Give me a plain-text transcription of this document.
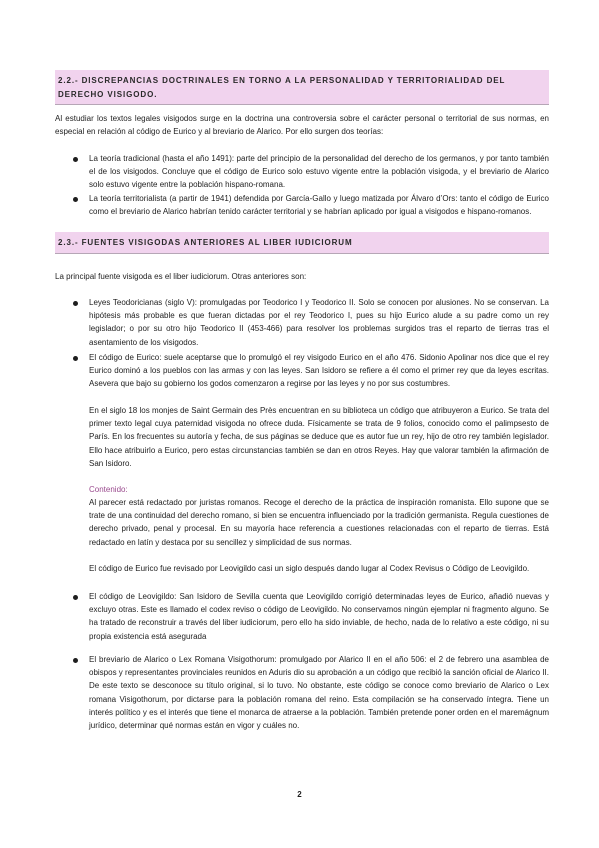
2.2.- DISCREPANCIAS DOCTRINALES EN TORNO A LA PERSONALIDAD Y TERRITORIALIDAD DEL DERECHO VISIGODO.

Al estudiar los textos legales visigodos surge en la doctrina una controversia sobre el carácter personal o territorial de sus normas, en especial en relación al código de Eurico y al breviario de Alarico. Por ello surgen dos teorías:

La teoría tradicional (hasta el año 1491): parte del principio de la personalidad del derecho de los germanos, y por tanto también el de los visigodos. Concluye que el código de Eurico solo estuvo vigente entre la población visigoda, y el breviario de Alarico solo estuvo vigente entre la población hispano-romana.

La teoría territorialista (a partir de 1941) defendida por García-Gallo y luego matizada por Álvaro d’Ors: tanto el código de Eurico como el breviario de Alarico habrían tenido carácter territorial y se habrían aplicado por igual a visigodos e hispano-romanos.

2.3.- FUENTES VISIGODAS ANTERIORES AL LIBER IUDICIORUM

La principal fuente visigoda es el liber iudiciorum. Otras anteriores son:

Leyes Teodoricianas (siglo V): promulgadas por Teodorico I y Teodorico II. Solo se conocen por alusiones. No se conservan. La hipótesis más probable es que fueran dictadas por el rey Teodorico I, pues su hijo Eurico alude a su padre como un rey legislador; o por su otro hijo Teodorico II (453-466) para resolver los problemas surgidos tras el reparto de tierras tras el asentamiento de los visigodos.

El código de Eurico: suele aceptarse que lo promulgó el rey visigodo Eurico en el año 476. Sidonio Apolinar nos dice que el rey Eurico dominó a los pueblos con las armas y con las leyes. San Isidoro se refiere a él como el primer rey que da leyes escritas. Asevera que bajo su gobierno los godos comenzaron a regirse por las leyes y no por sus costumbres.

En el siglo 18 los monjes de Saint Germain des Près encuentran en su biblioteca un código que atribuyeron a Eurico. Se trata del primer texto legal cuya paternidad visigoda no ofrece duda. Físicamente se trata de 9 folios, conocido como el palimpsesto de París. En los frecuentes su autoría y fecha, de sus páginas se deduce que es autor fue un rey, hijo de otro rey también legislador. Ello hace atribuirlo a Eurico, pero estas circunstancias también se dan en otros Reyes. Hay que valorar también la afirmación de San Isidoro.

Contenido:

Al parecer está redactado por juristas romanos. Recoge el derecho de la práctica de inspiración romanista. Ello supone que se trate de una continuidad del derecho romano, si bien se encuentra influenciado por la tradición germanista. Regula cuestiones de derecho privado, penal y procesal. En su mayoría hace referencia a cuestiones relacionadas con el reparto de tierras. Está redactado en latín y destaca por su sencillez y simplicidad de sus normas.

El código de Eurico fue revisado por Leovigildo casi un siglo después dando lugar al Codex Revisus o Código de Leovigildo.

El código de Leovigildo: San Isidoro de Sevilla cuenta que Leovigildo corrigió determinadas leyes de Eurico, añadió nuevas y excluyo otras. Este es llamado el codex reviso o código de Leovigildo. No conservamos ningún ejemplar ni fragmento alguno. Se ha tratado de reconstruir a través del liber iudiciorum, pero ello ha sido inviable, de hecho, nada de lo relativo a este código, ni su propia existencia está asegurada

El breviario de Alarico o Lex Romana Visigothorum: promulgado por Alarico II en el año 506: el 2 de febrero una asamblea de obispos y representantes provinciales reunidos en Aduris dio su aprobación a un código que recibió la sanción oficial de Alarico II. De este texto se desconoce su título original, si lo tuvo. No obstante, este código se conoce como breviario de Alarico o Lex romana Visigothorum, por dictarse para la población romana del reino. Esta compilación se ha conservado íntegra. Tiene un interés político y es el interés que tiene el monarca de atraerse a la población. También pretende poner orden en el maremágnum jurídico, determinar qué normas están en vigor y cuáles no.

2
